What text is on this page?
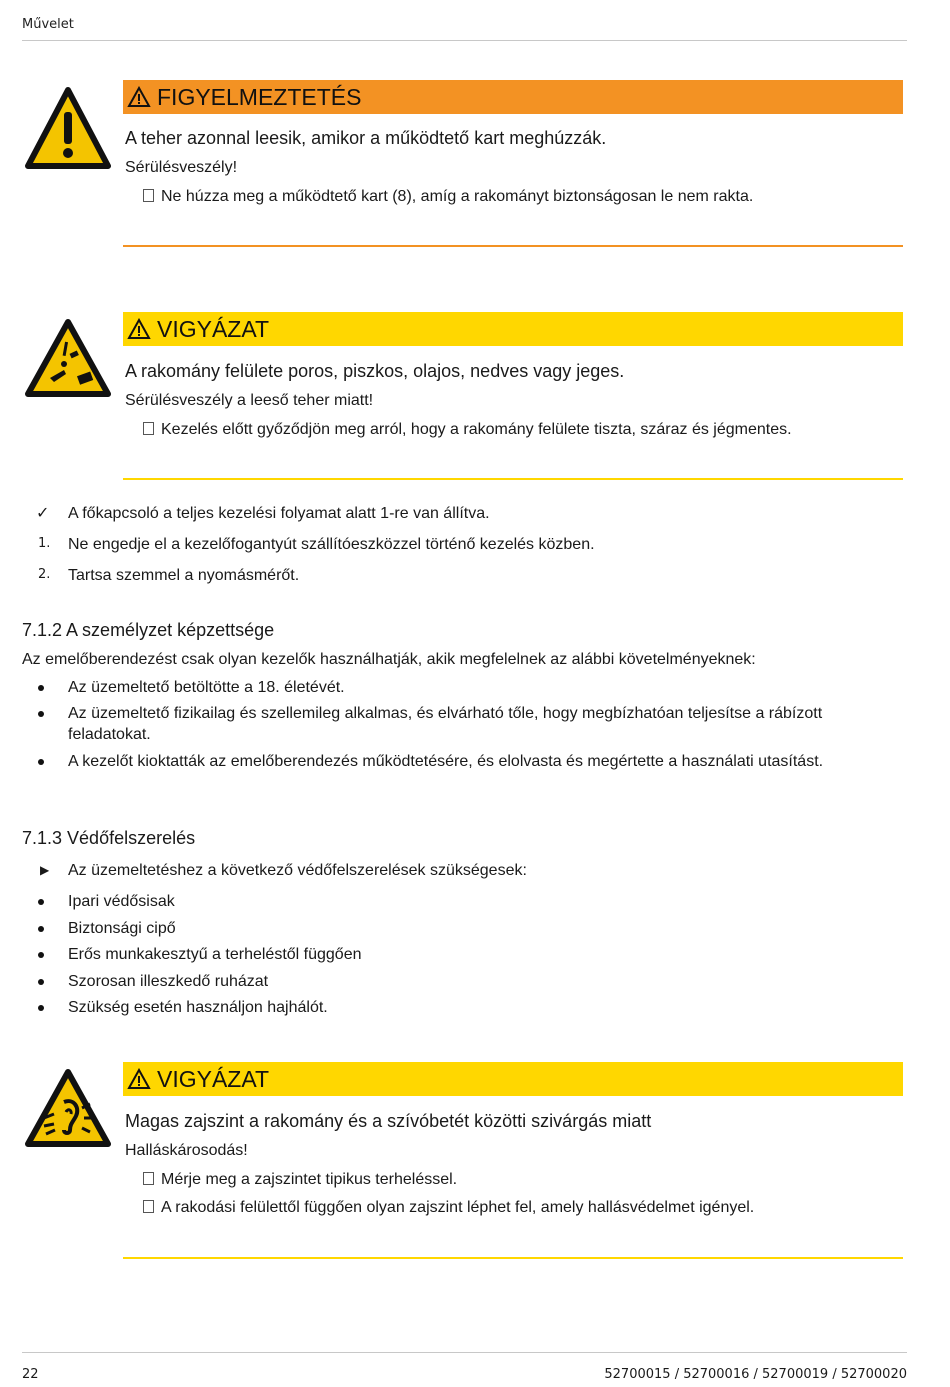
Művelet
FIGYELMEZTETÉS
A teher azonnal leesik, amikor a működtető kart meghúzzák.
Sérülésveszély!
Ne húzza meg a működtető kart (8), amíg a rakományt biztonságosan le nem rakta.
VIGYÁZAT
A rakomány felülete poros, piszkos, olajos, nedves vagy jeges.
Sérülésveszély a leeső teher miatt!
Kezelés előtt győződjön meg arról, hogy a rakomány felülete tiszta, száraz és jégmentes.
✓	A főkapcsoló a teljes kezelési folyamat alatt 1-re van állítva.
1.	Ne engedje el a kezelőfogantyút szállítóeszközzel történő kezelés közben.
2.	Tartsa szemmel a nyomásmérőt.
7.1.2 A személyzet képzettsége
Az emelőberendezést csak olyan kezelők használhatják, akik megfelelnek az alábbi követelményeknek:
Az üzemeltető betöltötte a 18. életévét.
Az üzemeltető fizikailag és szellemileg alkalmas, és elvárható tőle, hogy megbízhatóan teljesítse a rábízott feladatokat.
A kezelőt kioktatták az emelőberendezés működtetésére, és elolvasta és megértette a használati utasítást.
7.1.3 Védőfelszerelés
▶	Az üzemeltetéshez a következő védőfelszerelések szükségesek:
Ipari védősisak
Biztonsági cipő
Erős munkakesztyű a terheléstől függően
Szorosan illeszkedő ruházat
Szükség esetén használjon hajhálót.
VIGYÁZAT
Magas zajszint a rakomány és a szívóbetét közötti szivárgás miatt
Halláskárosodás!
Mérje meg a zajszintet tipikus terheléssel.
A rakodási felülettől függően olyan zajszint léphet fel, amely hallásvédelmet igényel.
22	52700015 / 52700016 / 52700019 / 52700020
